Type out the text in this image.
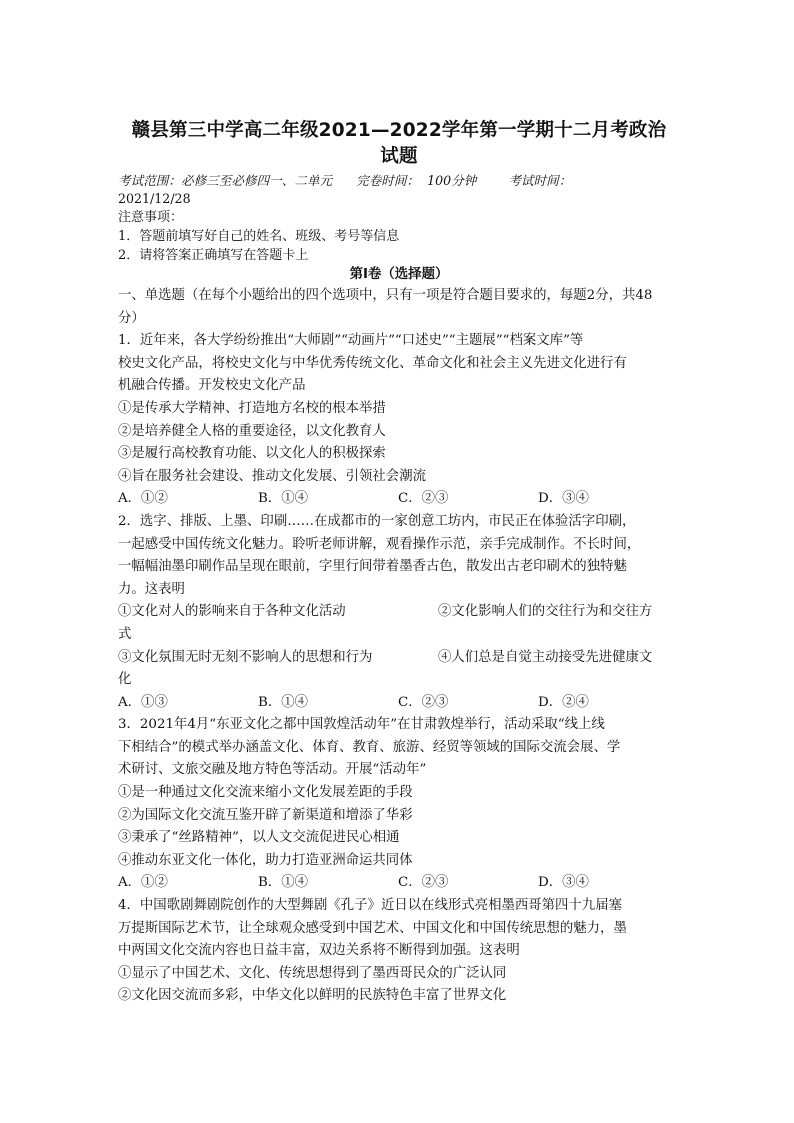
赣县第三中学高二年级2021—2022学年第一学期十二月考政治
试题
考试范围：必修三至必修四一、二单元      完卷时间：  100分钟        考试时间：
2021/12/28
注意事项：
1．答题前填写好自己的姓名、班级、考号等信息
2．请将答案正确填写在答题卡上
第I卷（选择题）
一、单选题（在每个小题给出的四个选项中，只有一项是符合题目要求的，每题2分，共48
分）
1．近年来，各大学纷纷推出“大师剧”“动画片”“口述史”“主题展”“档案文库”等
校史文化产品，将校史文化与中华优秀传统文化、革命文化和社会主义先进文化进行有
机融合传播。开发校史文化产品
①是传承大学精神、打造地方名校的根本举措
②是培养健全人格的重要途径，以文化教育人
③是履行高校教育功能、以文化人的积极探索
④旨在服务社会建设、推动文化发展、引领社会潮流
A．①②	B．①④	C．②③	D．③④
2．选字、排版、上墨、印刷……在成都市的一家创意工坊内，市民正在体验活字印刷，
一起感受中国传统文化魅力。聆听老师讲解，观看操作示范，亲手完成制作。不长时间，
一幅幅油墨印刷作品呈现在眼前，字里行间带着墨香古色，散发出古老印刷术的独特魅
力。这表明
①文化对人的影响来自于各种文化活动	②文化影响人们的交往行为和交往方
式
③文化氛围无时无刻不影响人的思想和行为	④人们总是自觉主动接受先进健康文
化
A．①③	B．①④	C．②③	D．②④
3．2021年4月“东亚文化之都中国敦煌活动年”在甘肃敦煌举行，活动采取“线上线
下相结合”的模式举办涵盖文化、体育、教育、旅游、经贸等领域的国际交流会展、学
术研讨、文旅交融及地方特色等活动。开展“活动年”
①是一种通过文化交流来缩小文化发展差距的手段
②为国际文化交流互鉴开辟了新渠道和增添了华彩
③秉承了“丝路精神”，以人文交流促进民心相通
④推动东亚文化一体化，助力打造亚洲命运共同体
A．①②	B．①④	C．②③	D．③④
4．中国歌剧舞剧院创作的大型舞剧《孔子》近日以在线形式亮相墨西哥第四十九届塞
万提斯国际艺术节，让全球观众感受到中国艺术、中国文化和中国传统思想的魅力，墨
中两国文化交流内容也日益丰富，双边关系将不断得到加强。这表明
①显示了中国艺术、文化、传统思想得到了墨西哥民众的广泛认同
②文化因交流而多彩，中华文化以鲜明的民族特色丰富了世界文化
